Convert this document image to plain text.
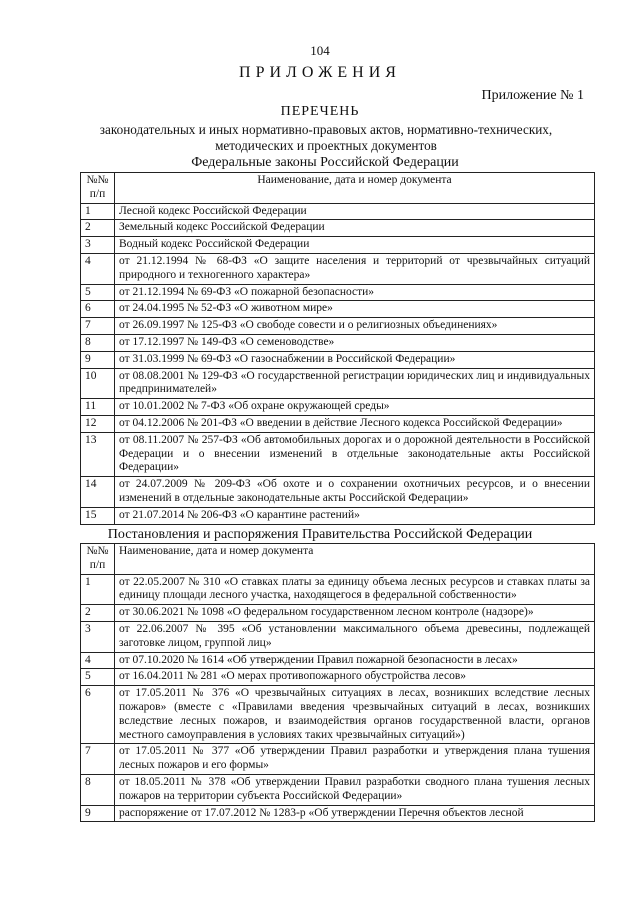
104
ПРИЛОЖЕНИЯ
Приложение № 1
ПЕРЕЧЕНЬ
законодательных и иных нормативно-правовых актов, нормативно-технических, методических и проектных документов
Федеральные законы Российской Федерации
№№ п/п	Наименование, дата и номер документа
1	Лесной кодекс Российской Федерации
2	Земельный кодекс Российской Федерации
3	Водный кодекс Российской Федерации
4	от 21.12.1994 № 68-ФЗ «О защите населения и территорий от чрезвычайных ситуаций природного и техногенного характера»
5	от 21.12.1994 № 69-ФЗ «О пожарной безопасности»
6	от 24.04.1995 № 52-ФЗ «О животном мире»
7	от 26.09.1997 № 125-ФЗ «О свободе совести и о религиозных объединениях»
8	от 17.12.1997 № 149-ФЗ «О семеноводстве»
9	от 31.03.1999 № 69-ФЗ «О газоснабжении в Российской Федерации»
10	от 08.08.2001 № 129-ФЗ «О государственной регистрации юридических лиц и индивидуальных предпринимателей»
11	от 10.01.2002 № 7-ФЗ «Об охране окружающей среды»
12	от 04.12.2006 № 201-ФЗ «О введении в действие Лесного кодекса Российской Федерации»
13	от 08.11.2007 № 257-ФЗ «Об автомобильных дорогах и о дорожной деятельности в Российской Федерации и о внесении изменений в отдельные законодательные акты Российской Федерации»
14	от 24.07.2009 № 209-ФЗ «Об охоте и о сохранении охотничьих ресурсов, и о внесении изменений в отдельные законодательные акты Российской Федерации»
15	от 21.07.2014 № 206-ФЗ «О карантине растений»
Постановления и распоряжения Правительства Российской Федерации
№№ п/п	Наименование, дата и номер документа
1	от 22.05.2007 № 310 «О ставках платы за единицу объема лесных ресурсов и ставках платы за единицу площади лесного участка, находящегося в федеральной собственности»
2	от 30.06.2021 № 1098 «О федеральном государственном лесном контроле (надзоре)»
3	от 22.06.2007 № 395 «Об установлении максимального объема древесины, подлежащей заготовке лицом, группой лиц»
4	от 07.10.2020 № 1614 «Об утверждении Правил пожарной безопасности в лесах»
5	от 16.04.2011 № 281 «О мерах противопожарного обустройства лесов»
6	от 17.05.2011 № 376 «О чрезвычайных ситуациях в лесах, возникших вследствие лесных пожаров» (вместе с «Правилами введения чрезвычайных ситуаций в лесах, возникших вследствие лесных пожаров, и взаимодействия органов государственной власти, органов местного самоуправления в условиях таких чрезвычайных ситуаций»)
7	от 17.05.2011 № 377 «Об утверждении Правил разработки и утверждения плана тушения лесных пожаров и его формы»
8	от 18.05.2011 № 378 «Об утверждении Правил разработки сводного плана тушения лесных пожаров на территории субъекта Российской Федерации»
9	распоряжение от 17.07.2012 № 1283-р «Об утверждении Перечня объектов лесной
